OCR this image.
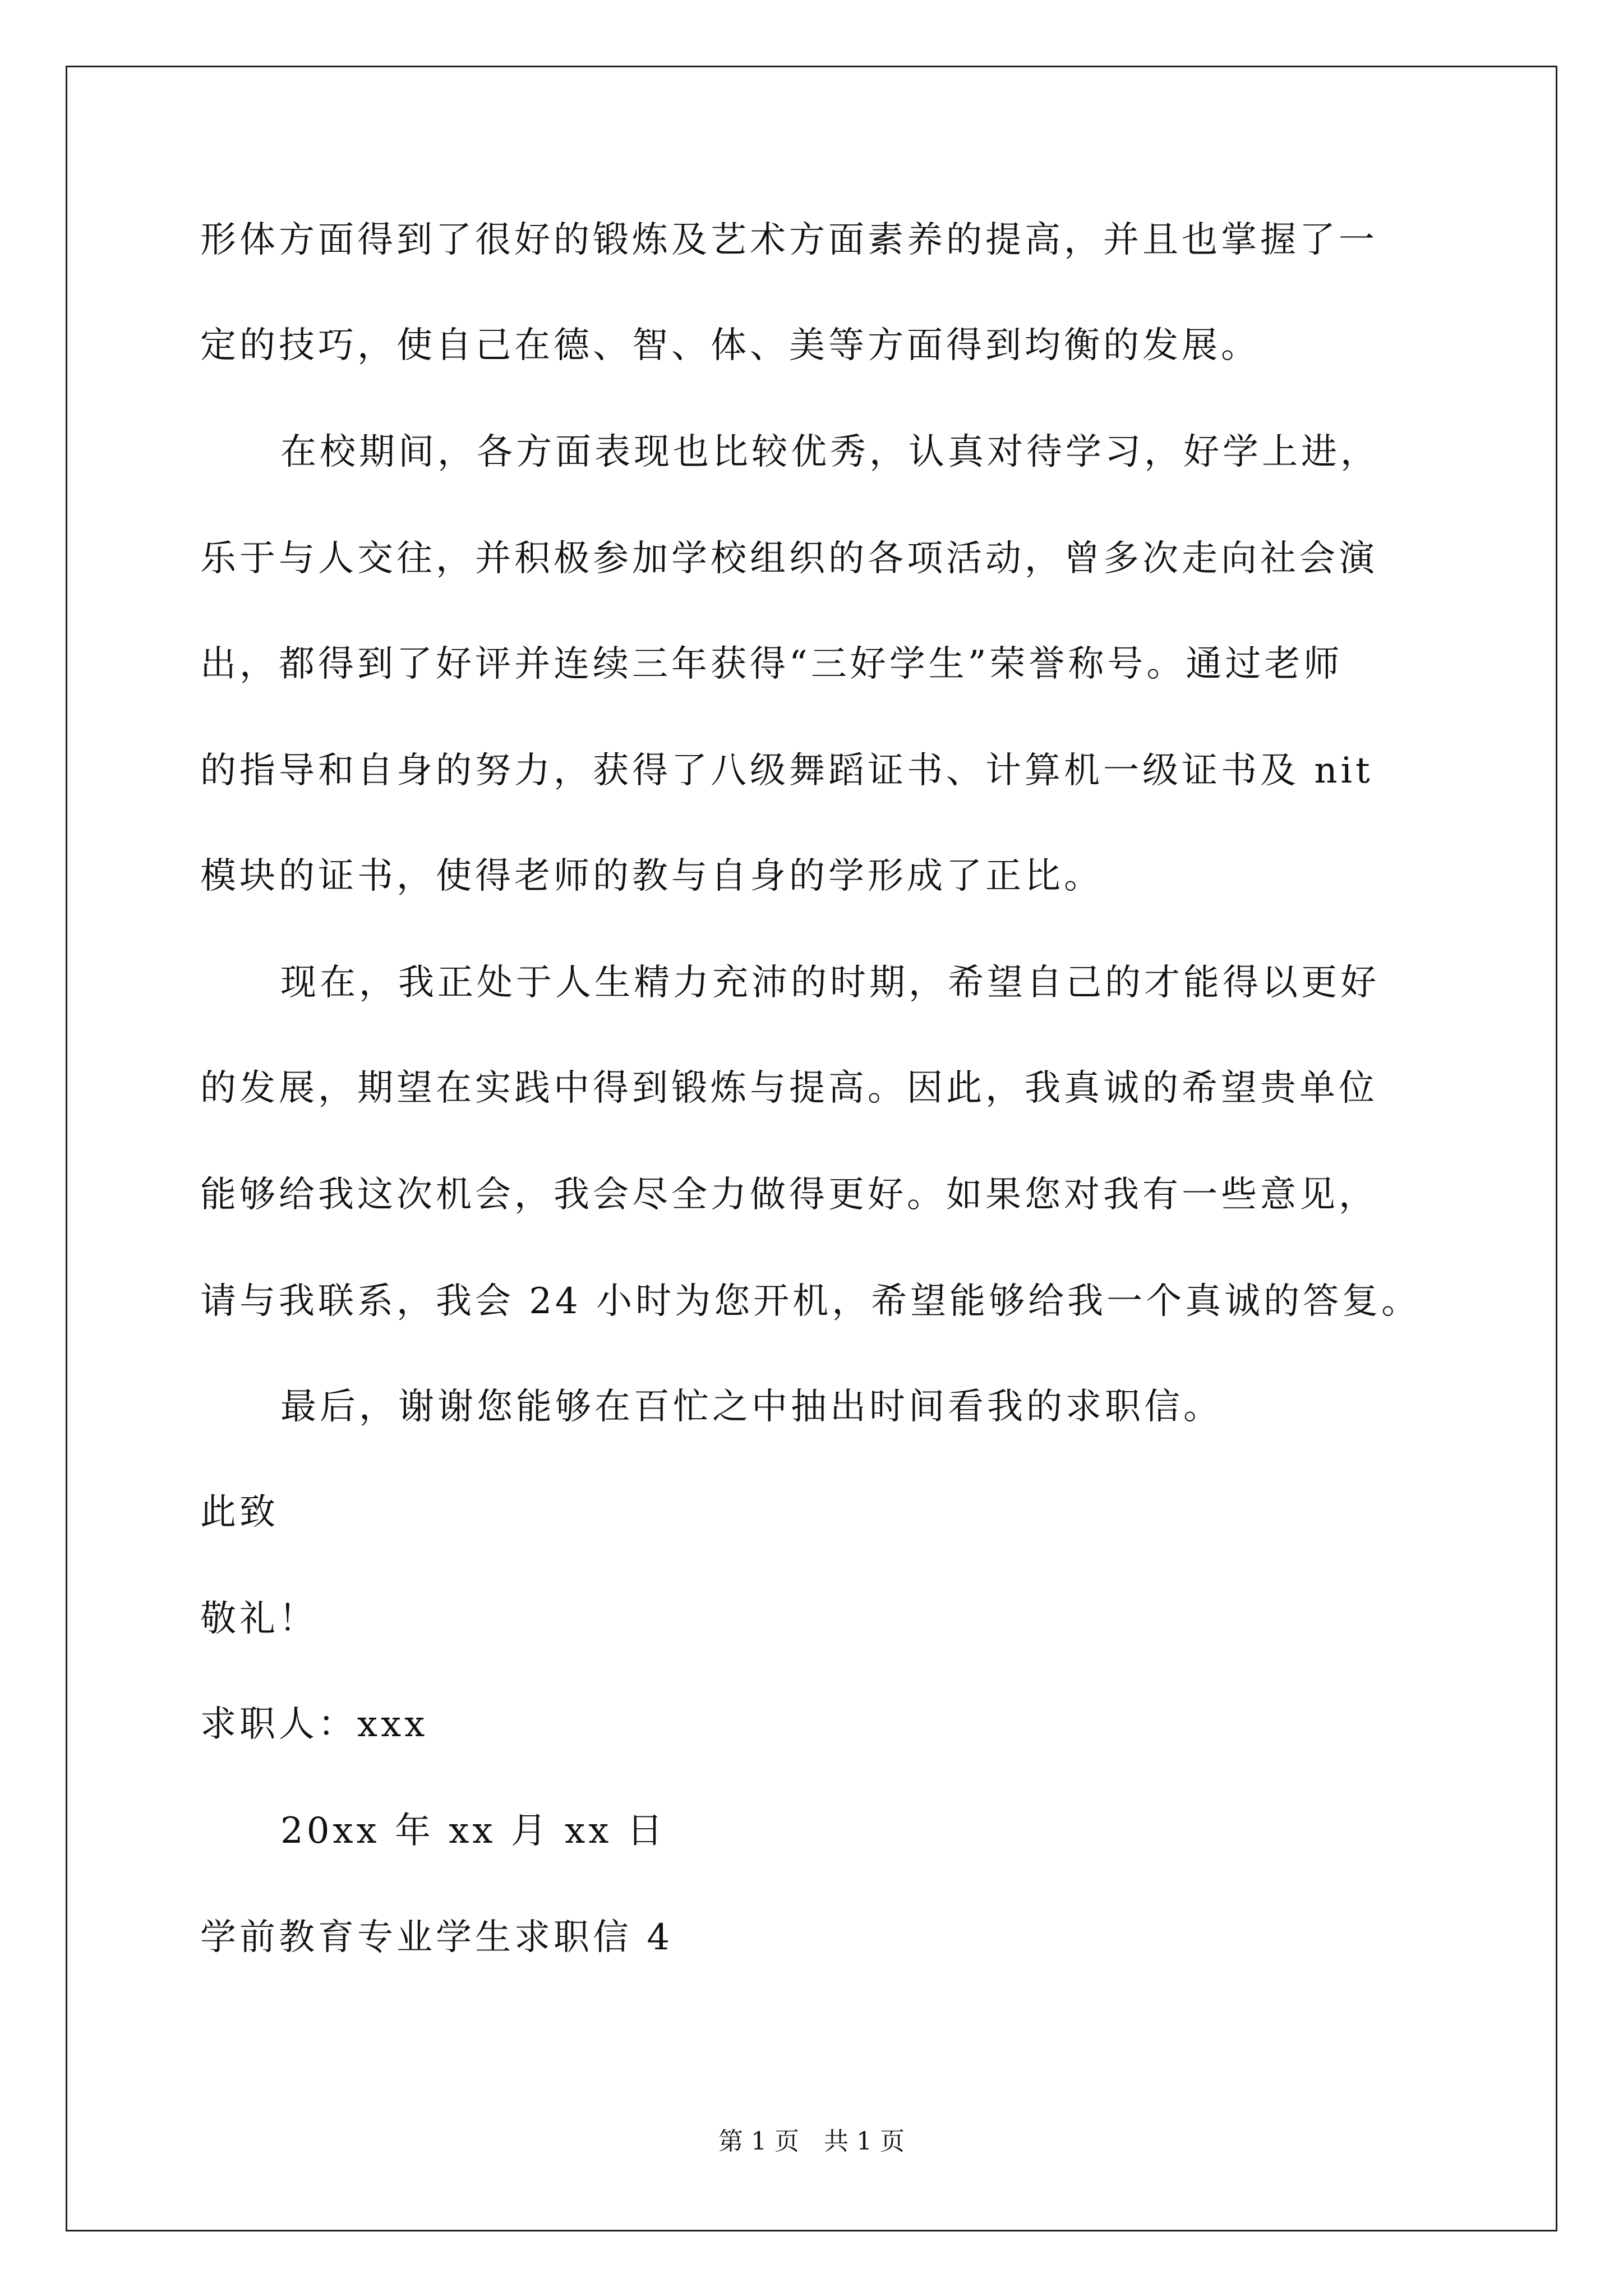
形体方面得到了很好的锻炼及艺术方面素养的提高，并且也掌握了一
定的技巧，使自己在德、智、体、美等方面得到均衡的发展。
在校期间，各方面表现也比较优秀，认真对待学习，好学上进，
乐于与人交往，并积极参加学校组织的各项活动，曾多次走向社会演
出，都得到了好评并连续三年获得“三好学生”荣誉称号。通过老师
的指导和自身的努力，获得了八级舞蹈证书、计算机一级证书及 nit
模块的证书，使得老师的教与自身的学形成了正比。
现在，我正处于人生精力充沛的时期，希望自己的才能得以更好
的发展，期望在实践中得到锻炼与提高。因此，我真诚的希望贵单位
能够给我这次机会，我会尽全力做得更好。如果您对我有一些意见，
请与我联系，我会 24 小时为您开机，希望能够给我一个真诚的答复。
最后，谢谢您能够在百忙之中抽出时间看我的求职信。
此致
敬礼！
求职人：xxx
20xx 年 xx 月 xx 日
学前教育专业学生求职信 4
第 1 页　共 1 页
